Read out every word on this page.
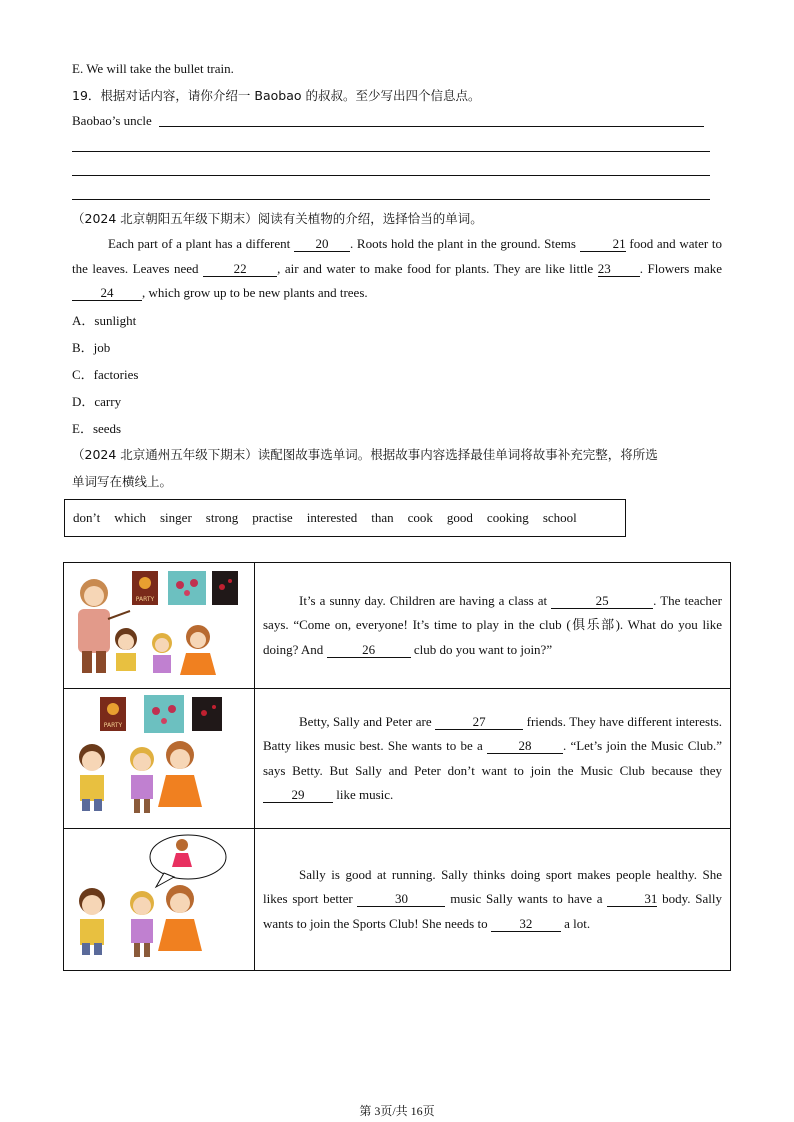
E. We will take the bullet train.
19．根据对话内容，请你介绍一 Baobao 的叔叔。至少写出四个信息点。
Baobao’s uncle
（2024 北京朝阳五年级下期末）阅读有关植物的介绍，选择恰当的单词。
Each part of a plant has a different 20 . Roots hold the plant in the ground. Stems	21 food and water to the leaves. Leaves need	22 , air and water to make food for plants. They are like little 23 . Flowers make 24 , which grow up to be new plants and trees.
A．sunlight
B．job
C．factories
D．carry
E．seeds
（2024 北京通州五年级下期末）读配图故事选单词。根据故事内容选择最佳单词将故事补充完整，将所选
单词写在横线上。
don’t which singer strong practise interested than cook good cooking school
PARTY	It’s a sunny day. Children are having a class at 25 . The teacher says. “Come on, everyone! It’s time to play in the club (俱乐部). What do you like doing? And 26 club do you want to join?”

PARTY	Betty, Sally and Peter are 27 friends. They have different interests. Batty likes music best. She wants to be a 28 . “Let’s join the Music Club.” says Betty. But Sally and Peter don’t want to join the Music Club because they 29 like music.
	Sally is good at running. Sally thinks doing sport makes people healthy. She likes sport better 30 music Sally wants to have a 31 body. Sally wants to join the Sports Club! She needs to 32 a lot.
第 3页/共 16页
